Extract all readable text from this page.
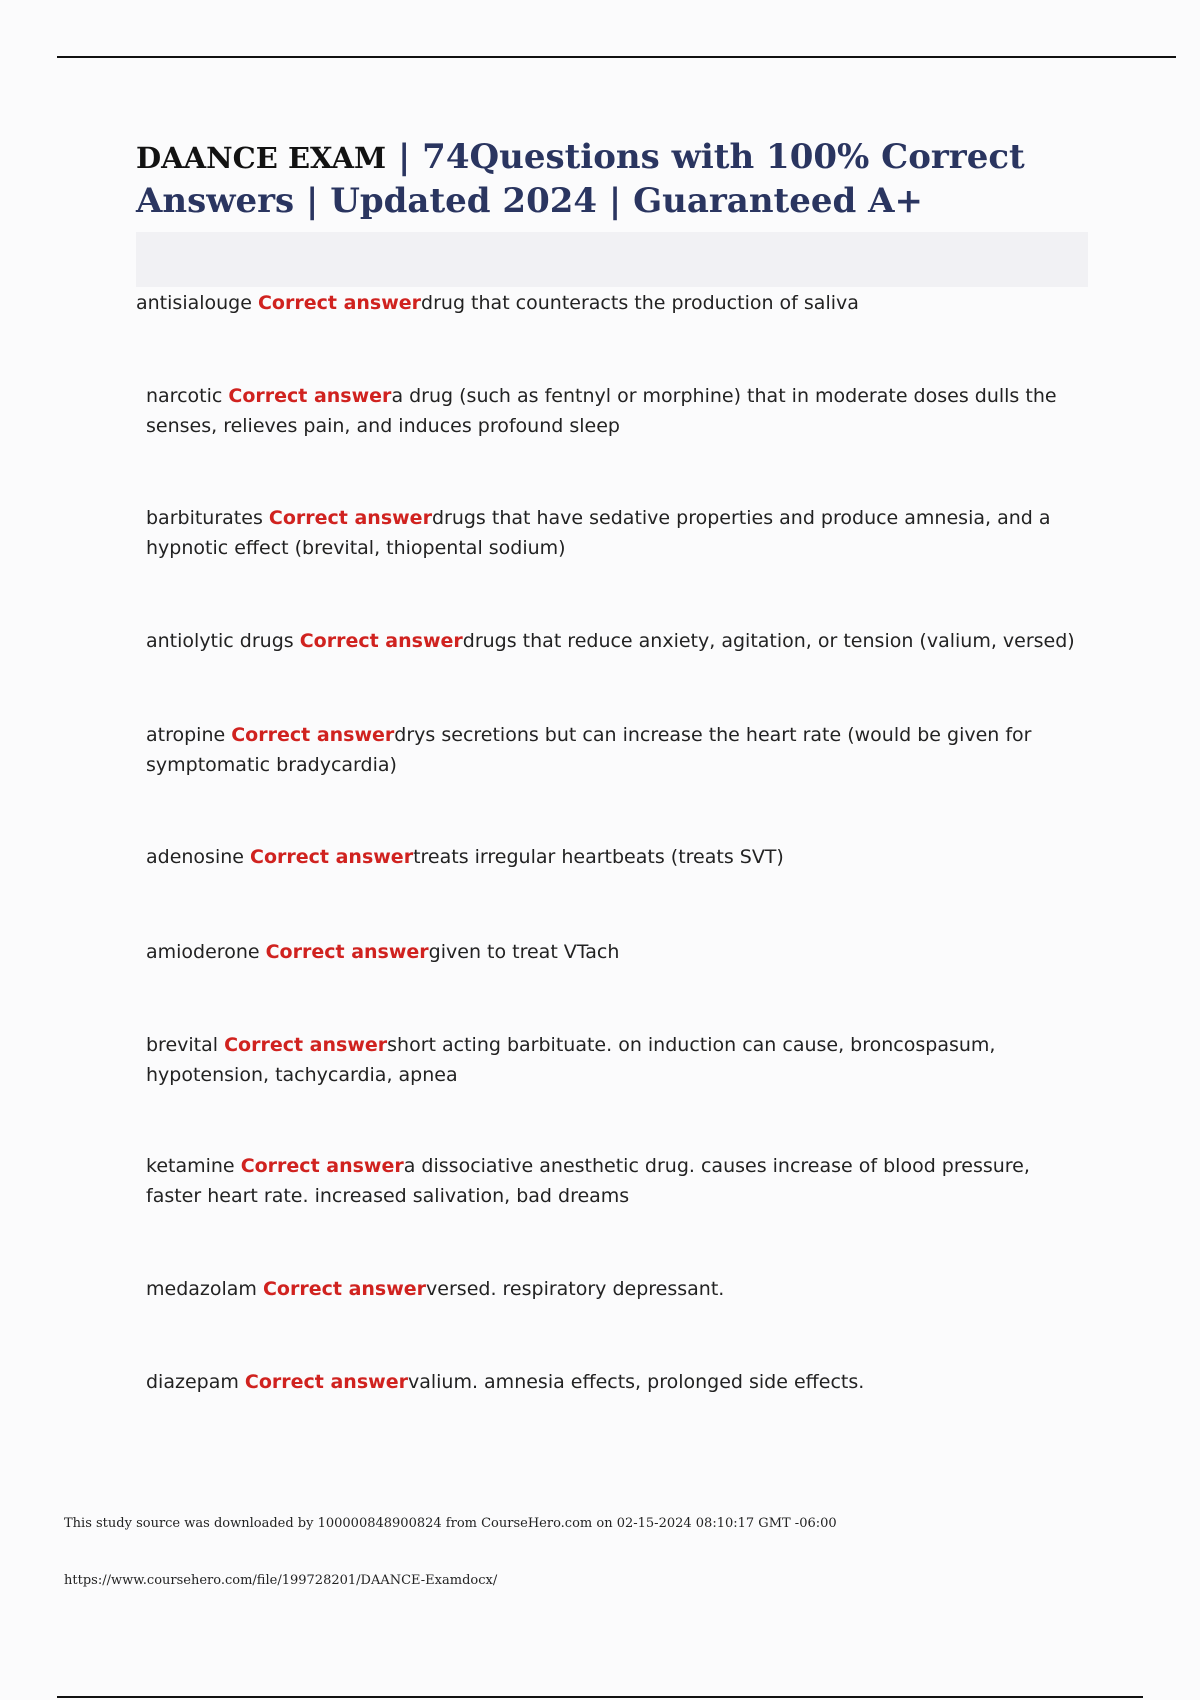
DAANCE EXAM | 74Questions with 100% Correct Answers | Updated 2024 | Guaranteed A+

antisialouge Correct answerdrug that counteracts the production of saliva

narcotic Correct answera drug (such as fentnyl or morphine) that in moderate doses dulls the senses, relieves pain, and induces profound sleep

barbiturates Correct answerdrugs that have sedative properties and produce amnesia, and a hypnotic effect (brevital, thiopental sodium)

antiolytic drugs Correct answerdrugs that reduce anxiety, agitation, or tension (valium, versed)

atropine Correct answerdrys secretions but can increase the heart rate (would be given for symptomatic bradycardia)

adenosine Correct answertreats irregular heartbeats (treats SVT)

amioderone Correct answergiven to treat VTach

brevital Correct answershort acting barbituate. on induction can cause, broncospasum, hypotension, tachycardia, apnea

ketamine Correct answera dissociative anesthetic drug. causes increase of blood pressure, faster heart rate. increased salivation, bad dreams

medazolam Correct answerversed. respiratory depressant.

diazepam Correct answervalium. amnesia effects, prolonged side effects.

This study source was downloaded by 100000848900824 from CourseHero.com on 02-15-2024 08:10:17 GMT -06:00

https://www.coursehero.com/file/199728201/DAANCE-Examdocx/
